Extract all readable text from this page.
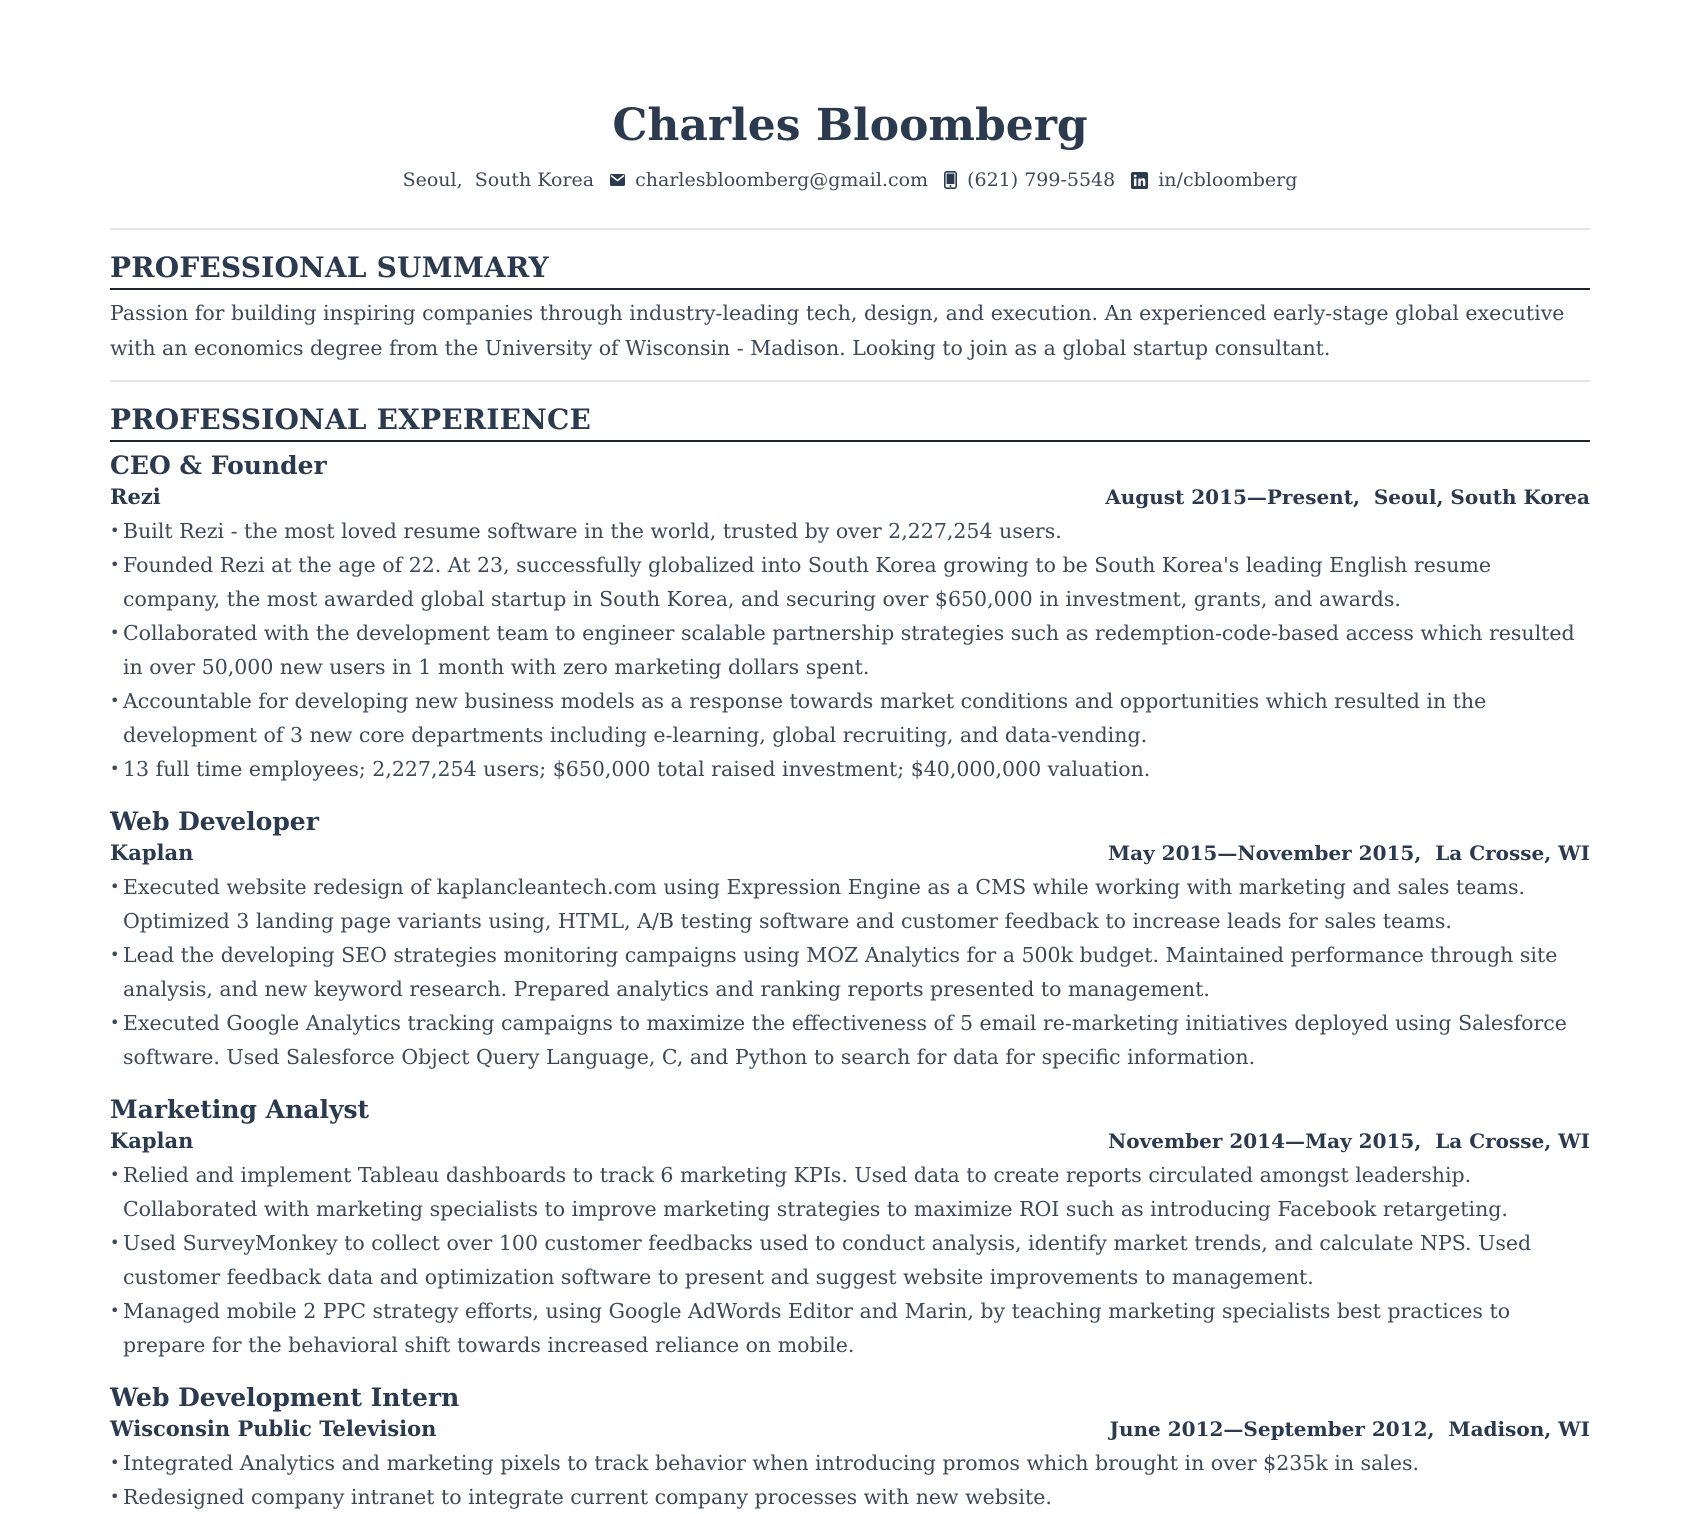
Charles Bloomberg
Seoul,  South Korea charlesbloomberg@gmail.com (621) 799-5548 in/cbloomberg
PROFESSIONAL SUMMARY
Passion for building inspiring companies through industry-leading tech, design, and execution. An experienced early-stage global executive with an economics degree from the University of Wisconsin - Madison. Looking to join as a global startup consultant.
PROFESSIONAL EXPERIENCE
CEO & Founder
Rezi	August 2015—Present,  Seoul, South Korea
• Built Rezi - the most loved resume software in the world, trusted by over 2,227,254 users.
• Founded Rezi at the age of 22. At 23, successfully globalized into South Korea growing to be South Korea's leading English resume company, the most awarded global startup in South Korea, and securing over $650,000 in investment, grants, and awards.
• Collaborated with the development team to engineer scalable partnership strategies such as redemption-code-based access which resulted in over 50,000 new users in 1 month with zero marketing dollars spent.
• Accountable for developing new business models as a response towards market conditions and opportunities which resulted in the development of 3 new core departments including e-learning, global recruiting, and data-vending.
• 13 full time employees; 2,227,254 users; $650,000 total raised investment; $40,000,000 valuation.
Web Developer
Kaplan	May 2015—November 2015,  La Crosse, WI
• Executed website redesign of kaplancleantech.com using Expression Engine as a CMS while working with marketing and sales teams. Optimized 3 landing page variants using, HTML, A/B testing software and customer feedback to increase leads for sales teams.
• Lead the developing SEO strategies monitoring campaigns using MOZ Analytics for a 500k budget. Maintained performance through site analysis, and new keyword research. Prepared analytics and ranking reports presented to management.
• Executed Google Analytics tracking campaigns to maximize the effectiveness of 5 email re-marketing initiatives deployed using Salesforce software. Used Salesforce Object Query Language, C, and Python to search for data for specific information.
Marketing Analyst
Kaplan	November 2014—May 2015,  La Crosse, WI
• Relied and implement Tableau dashboards to track 6 marketing KPIs. Used data to create reports circulated amongst leadership. Collaborated with marketing specialists to improve marketing strategies to maximize ROI such as introducing Facebook retargeting.
• Used SurveyMonkey to collect over 100 customer feedbacks used to conduct analysis, identify market trends, and calculate NPS. Used customer feedback data and optimization software to present and suggest website improvements to management.
• Managed mobile 2 PPC strategy efforts, using Google AdWords Editor and Marin, by teaching marketing specialists best practices to prepare for the behavioral shift towards increased reliance on mobile.
Web Development Intern
Wisconsin Public Television	June 2012—September 2012,  Madison, WI
• Integrated Analytics and marketing pixels to track behavior when introducing promos which brought in over $235k in sales.
• Redesigned company intranet to integrate current company processes with new website.
